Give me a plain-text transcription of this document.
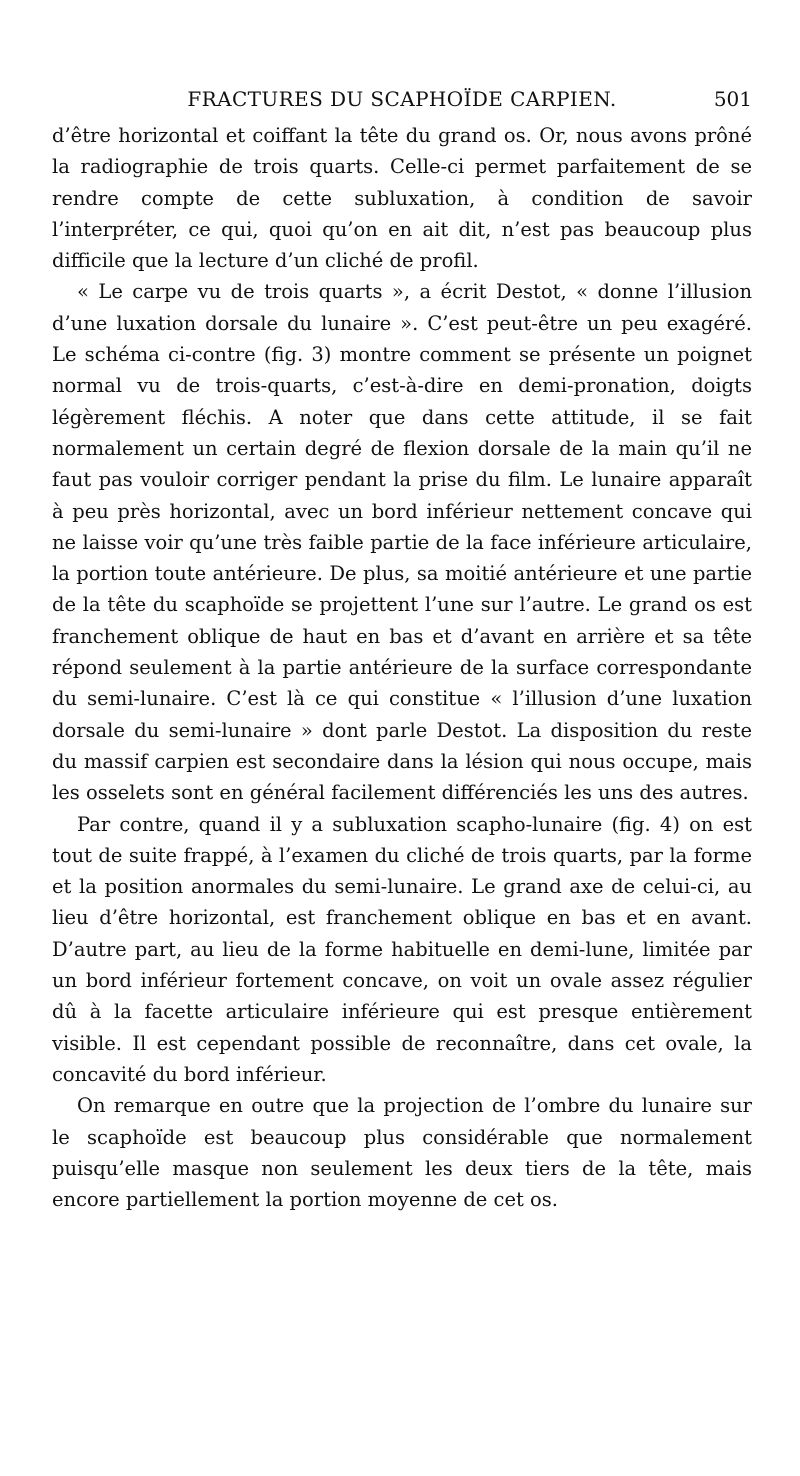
FRACTURES DU SCAPHOÏDE CARPIEN.	501

d’être horizontal et coiffant la tête du grand os. Or, nous avons prôné la radiographie de trois quarts. Celle-ci permet parfaitement de se rendre compte de cette subluxation, à condition de savoir l’interpréter, ce qui, quoi qu’on en ait dit, n’est pas beaucoup plus difficile que la lecture d’un cliché de profil.

« Le carpe vu de trois quarts », a écrit Destot, « donne l’illusion d’une luxation dorsale du lunaire ». C’est peut-être un peu exagéré. Le schéma ci-contre (fig. 3) montre comment se présente un poignet normal vu de trois-quarts, c’est-à-dire en demi-pronation, doigts légèrement fléchis. A noter que dans cette attitude, il se fait normalement un certain degré de flexion dorsale de la main qu’il ne faut pas vouloir corriger pendant la prise du film. Le lunaire apparaît à peu près horizontal, avec un bord inférieur nettement concave qui ne laisse voir qu’une très faible partie de la face inférieure articulaire, la portion toute antérieure. De plus, sa moitié antérieure et une partie de la tête du scaphoïde se projettent l’une sur l’autre. Le grand os est franchement oblique de haut en bas et d’avant en arrière et sa tête répond seulement à la partie antérieure de la surface correspondante du semi-lunaire. C’est là ce qui constitue « l’illusion d’une luxation dorsale du semi-lunaire » dont parle Destot. La disposition du reste du massif carpien est secondaire dans la lésion qui nous occupe, mais les osselets sont en général facilement différenciés les uns des autres.

Par contre, quand il y a subluxation scapho-lunaire (fig. 4) on est tout de suite frappé, à l’examen du cliché de trois quarts, par la forme et la position anormales du semi-lunaire. Le grand axe de celui-ci, au lieu d’être horizontal, est franchement oblique en bas et en avant. D’autre part, au lieu de la forme habituelle en demi-lune, limitée par un bord inférieur fortement concave, on voit un ovale assez régulier dû à la facette articulaire inférieure qui est presque entièrement visible. Il est cependant possible de reconnaître, dans cet ovale, la concavité du bord inférieur.

On remarque en outre que la projection de l’ombre du lunaire sur le scaphoïde est beaucoup plus considérable que normalement puisqu’elle masque non seulement les deux tiers de la tête, mais encore partiellement la portion moyenne de cet os.
